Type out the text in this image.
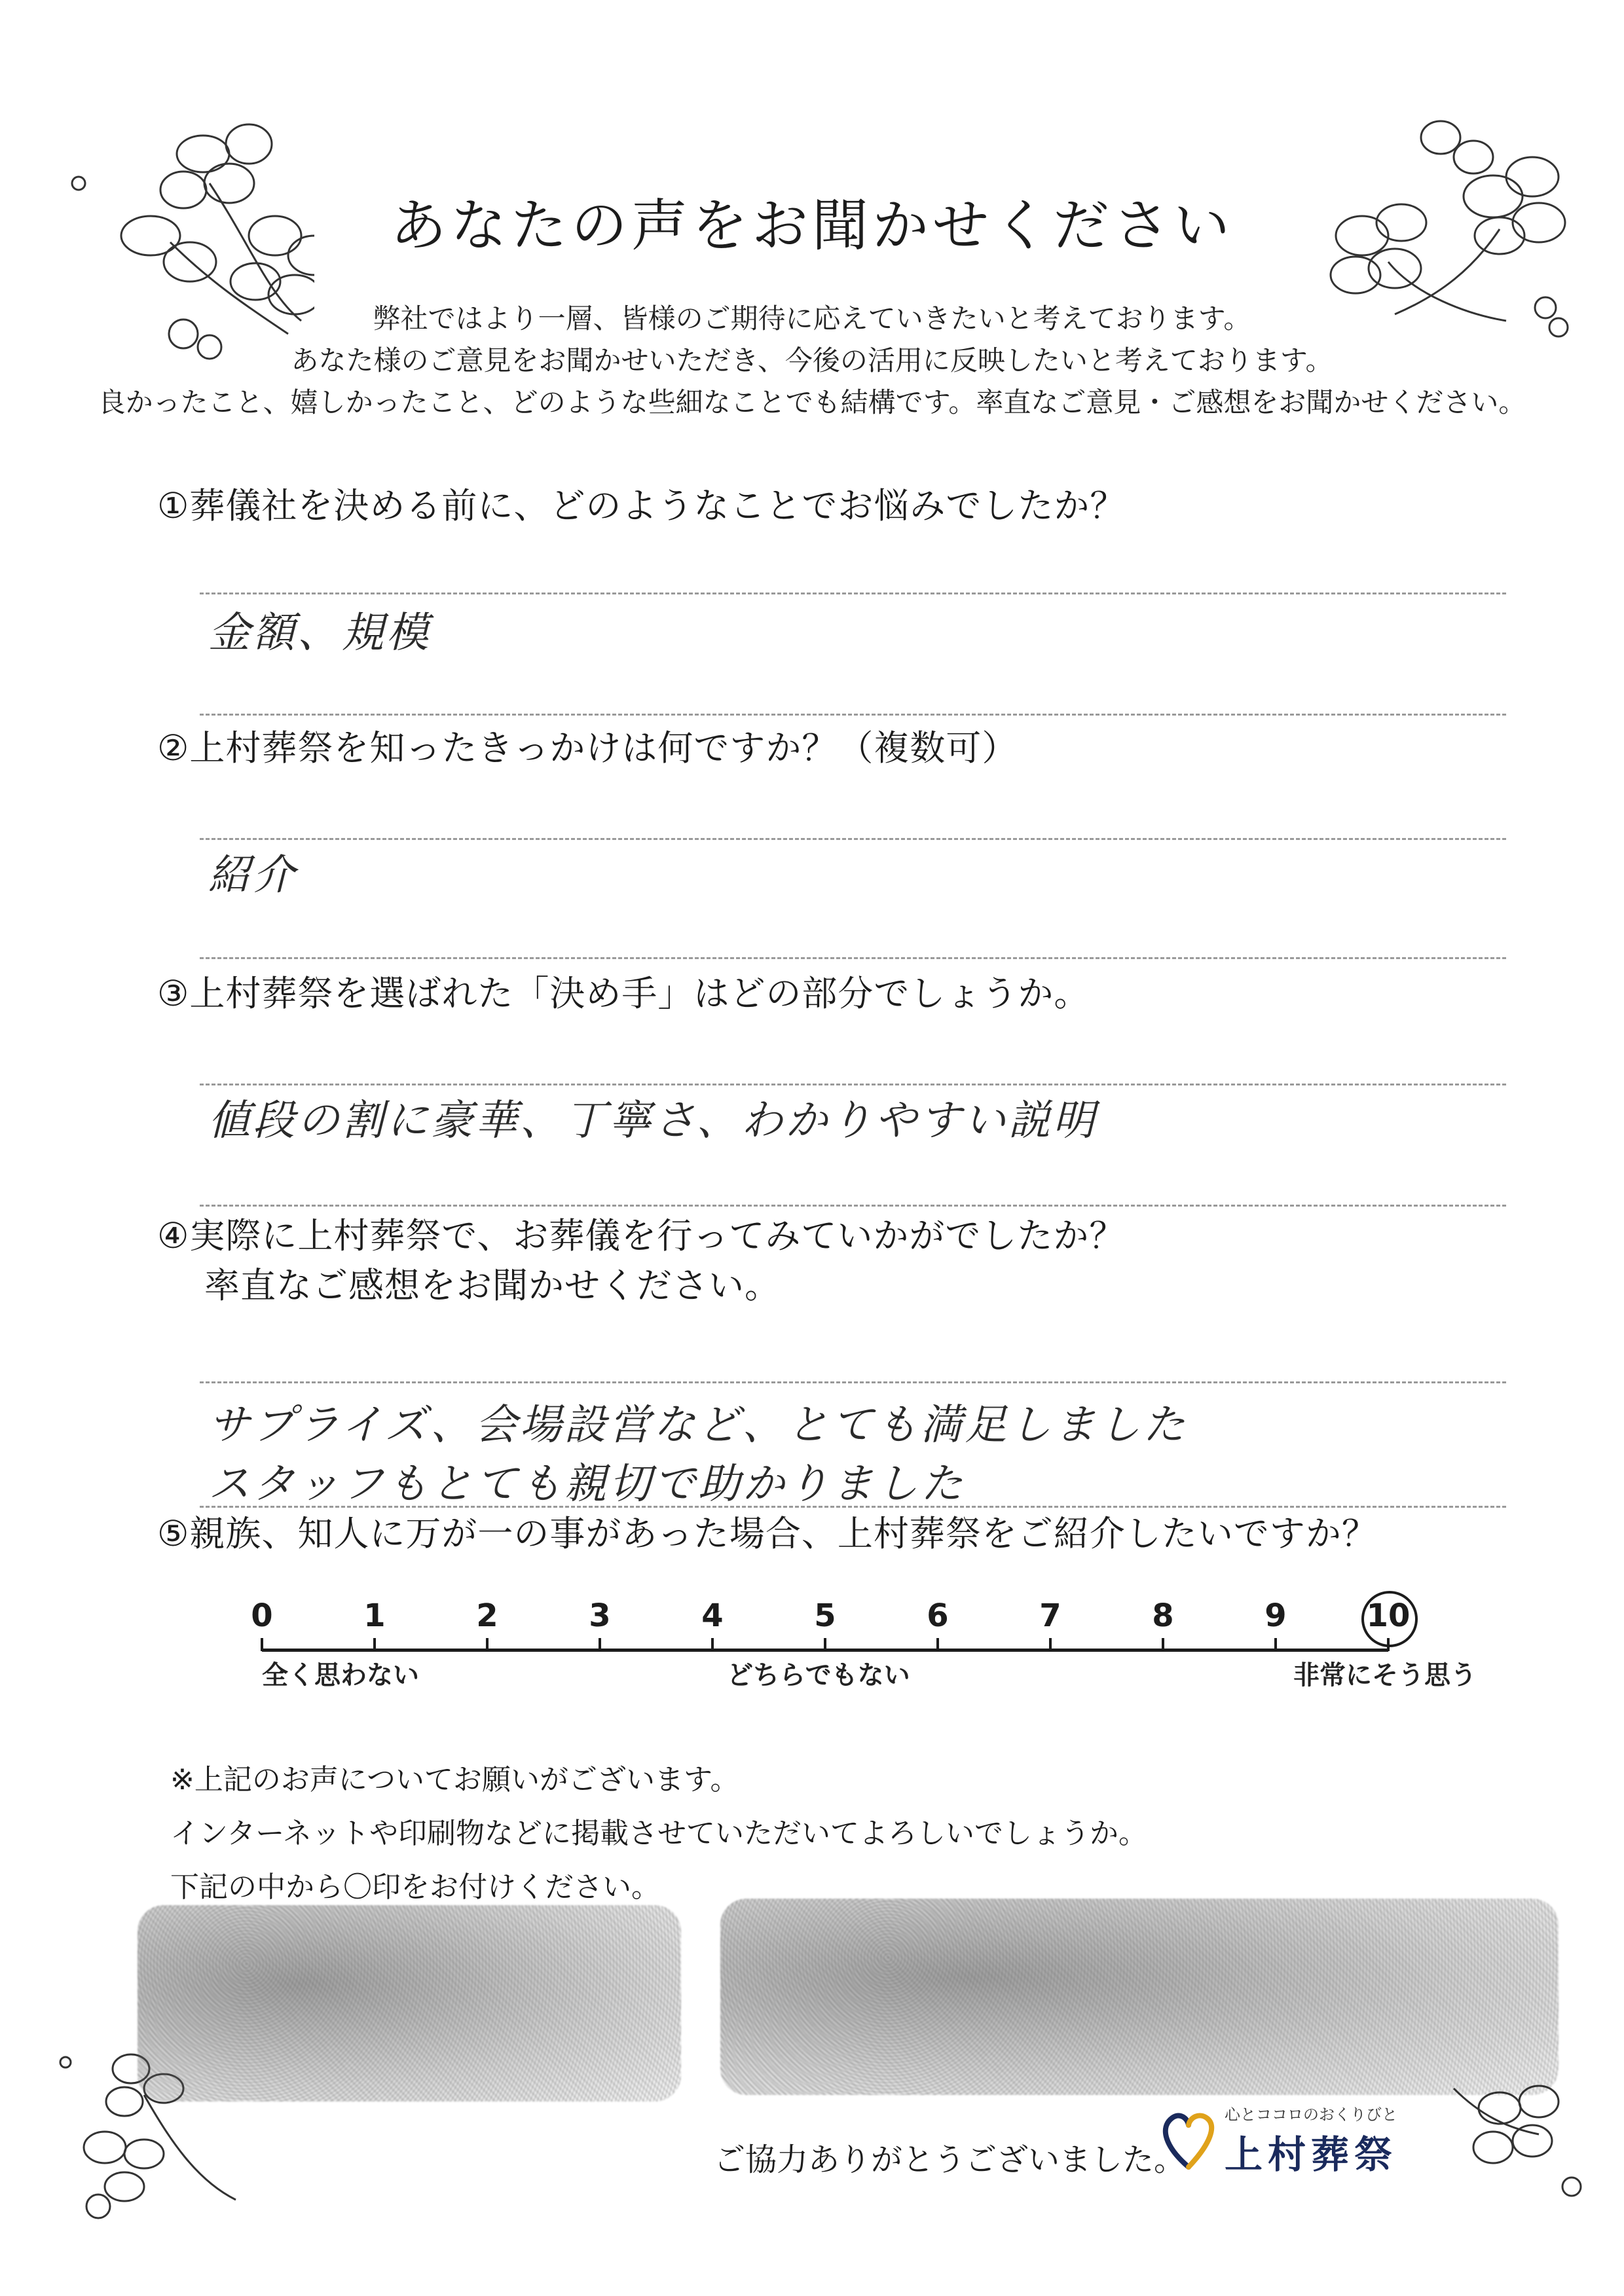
あなたの声をお聞かせください
弊社ではより一層、皆様のご期待に応えていきたいと考えております。
あなた様のご意見をお聞かせいただき、今後の活用に反映したいと考えております。
良かったこと、嬉しかったこと、どのような些細なことでも結構です。率直なご意見・ご感想をお聞かせください。
①葬儀社を決める前に、どのようなことでお悩みでしたか？
金額、規模
②上村葬祭を知ったきっかけは何ですか？（複数可）
紹介
③上村葬祭を選ばれた「決め手」はどの部分でしょうか。
値段の割に豪華、丁寧さ、わかりやすい説明
④実際に上村葬祭で、お葬儀を行ってみていかがでしたか？
率直なご感想をお聞かせください。
サプライズ、会場設営など、とても満足しました
スタッフもとても親切で助かりました
⑤親族、知人に万が一の事があった場合、上村葬祭をご紹介したいですか？
0	1	2	3	4	5	6	7	8	9	10
全く思わない	どちらでもない	非常にそう思う
※上記のお声についてお願いがございます。
インターネットや印刷物などに掲載させていただいてよろしいでしょうか。
下記の中から〇印をお付けください。
ご協力ありがとうございました。
心とココロのおくりびと
上村葬祭
